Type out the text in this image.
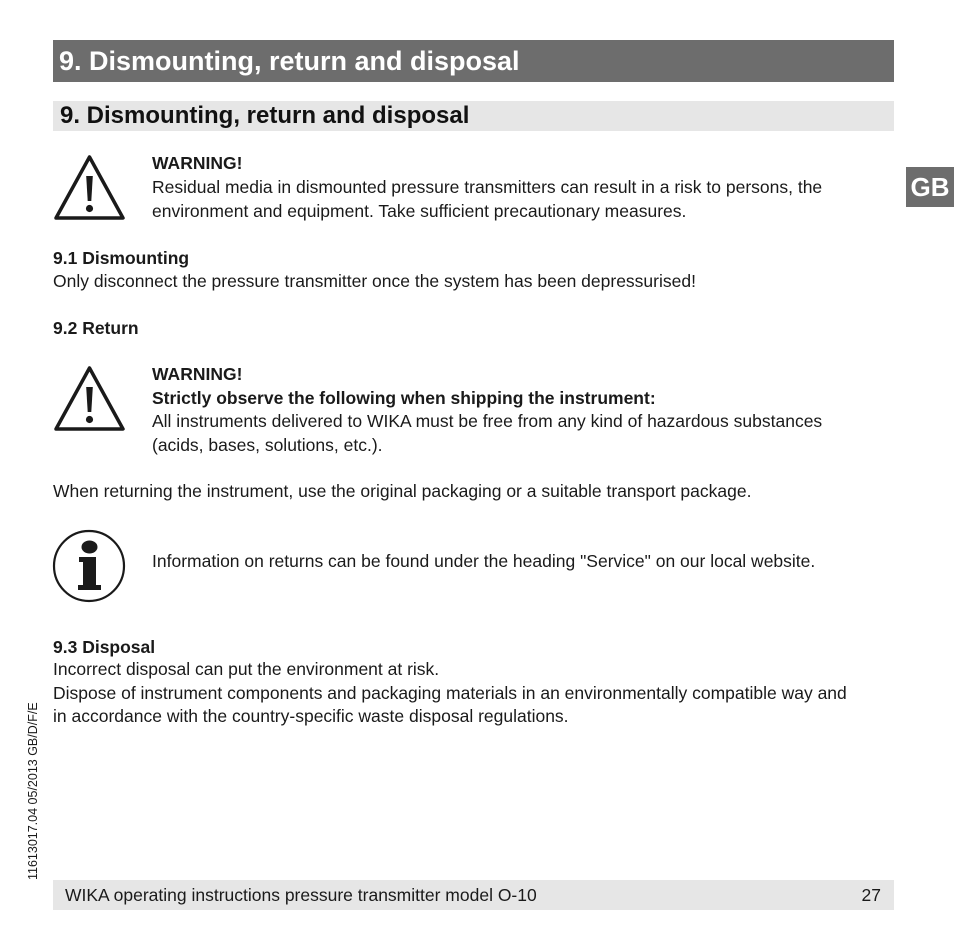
9. Dismounting, return and disposal
9. Dismounting, return and disposal
GB
WARNING!
Residual media in dismounted pressure transmitters can result in a risk to persons, the
environment and equipment. Take sufficient precautionary measures.
9.1 Dismounting
Only disconnect the pressure transmitter once the system has been depressurised!
9.2 Return
WARNING!
Strictly observe the following when shipping the instrument:
All instruments delivered to WIKA must be free from any kind of hazardous substances
(acids, bases, solutions, etc.).
When returning the instrument, use the original packaging or a suitable transport package.
Information on returns can be found under the heading "Service" on our local website.
9.3 Disposal
Incorrect disposal can put the environment at risk.
Dispose of instrument components and packaging materials in an environmentally compatible way and
in accordance with the country-specific waste disposal regulations.
11613017.04 05/2013 GB/D/F/E
WIKA operating instructions pressure transmitter model O-10	27
